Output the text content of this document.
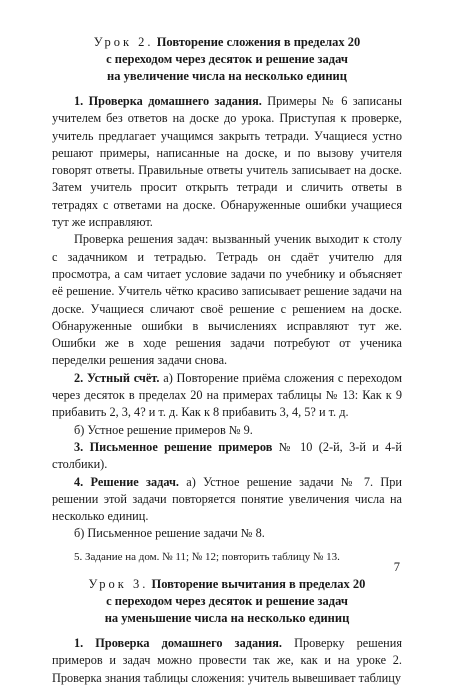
Урок 2. Повторение сложения в пределах 20

с переходом через десяток и решение задач
на увеличение числа на несколько единиц

1. Проверка домашнего задания. Примеры № 6 записаны учителем без ответов на доске до урока. Приступая к проверке, учитель предлагает учащимся закрыть тетради. Учащиеся устно решают примеры, написанные на доске, и по вызову учителя говорят ответы. Правильные ответы учитель записывает на доске. Затем учитель просит открыть тетради и сличить ответы в тетрадях с ответами на доске. Обнаруженные ошибки учащиеся тут же исправляют.

Проверка решения задач: вызванный ученик выходит к столу с задачником и тетрадью. Тетрадь он сдаёт учителю для просмотра, а сам читает условие задачи по учебнику и объясняет её решение. Учитель чётко красиво записывает решение задачи на доске. Учащиеся сличают своё решение с решением на доске. Обнаруженные ошибки в вычислениях исправляют тут же. Ошибки же в ходе решения задачи потребуют от ученика переделки решения задачи снова.

2. Устный счёт. а) Повторение приёма сложения с переходом через десяток в пределах 20 на примерах таблицы № 13: Как к 9 прибавить 2, 3, 4? и т. д. Как к 8 прибавить 3, 4, 5? и т. д.

б) Устное решение примеров № 9.

3. Письменное решение примеров № 10 (2-й, 3-й и 4-й столбики).

4. Решение задач. а) Устное решение задачи № 7. При решении этой задачи повторяется понятие увеличения числа на несколько единиц.

б) Письменное решение задачи № 8.

5. Задание на дом. № 11; № 12; повторить таблицу № 13.

Урок 3. Повторение вычитания в пределах 20

с переходом через десяток и решение задач
на уменьшение числа на несколько единиц

1. Проверка домашнего задания. Проверку решения примеров и задач можно провести так же, как и на уроке 2. Проверка знания таблицы сложения: учитель вывешивает таблицу

7
